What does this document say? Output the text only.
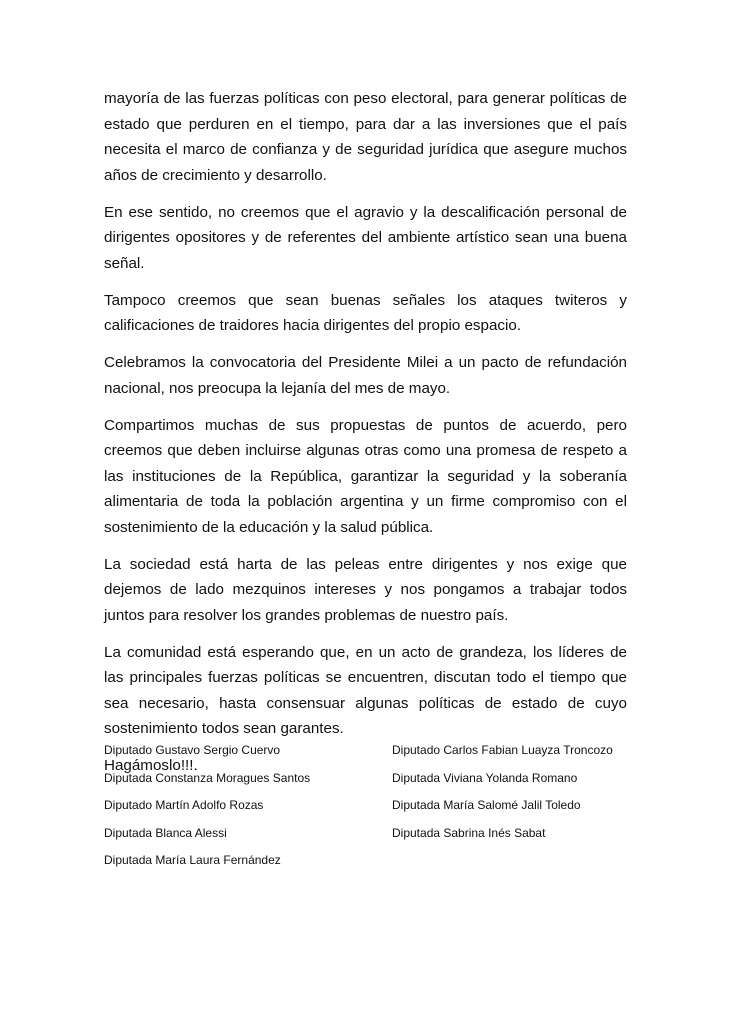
mayoría de las fuerzas políticas con peso electoral, para generar políticas de estado que perduren en el tiempo, para dar a las inversiones que el país necesita el marco de confianza y de seguridad jurídica que asegure muchos años de crecimiento y desarrollo.

En ese sentido, no creemos que el agravio y la descalificación personal de dirigentes opositores y de referentes del ambiente artístico sean una buena señal.

Tampoco creemos que sean buenas señales los ataques twiteros y calificaciones de traidores hacia dirigentes del propio espacio.

Celebramos la convocatoria del Presidente Milei a un pacto de refundación nacional, nos preocupa la lejanía del mes de mayo.

Compartimos muchas de sus propuestas de puntos de acuerdo, pero creemos que deben incluirse algunas otras como una promesa de respeto a las instituciones de la República, garantizar la seguridad y la soberanía alimentaria de toda la población argentina y un firme compromiso con el sostenimiento de la educación y la salud pública.

La sociedad está harta de las peleas entre dirigentes y nos exige que dejemos de lado mezquinos intereses y nos pongamos a trabajar todos juntos para resolver los grandes problemas de nuestro país.

La comunidad está esperando que, en un acto de grandeza, los líderes de las principales fuerzas políticas se encuentren, discutan todo el tiempo que sea necesario, hasta consensuar algunas políticas de estado de cuyo sostenimiento todos sean garantes.

Hagámoslo!!!.

Diputado Gustavo Sergio Cuervo
Diputada Constanza Moragues Santos
Diputado Martín Adolfo Rozas
Diputada Blanca Alessi
Diputada María Laura Fernández
Diputado Carlos Fabian Luayza Troncozo
Diputada Viviana Yolanda Romano
Diputada María Salomé Jalil Toledo
Diputada Sabrina Inés Sabat
